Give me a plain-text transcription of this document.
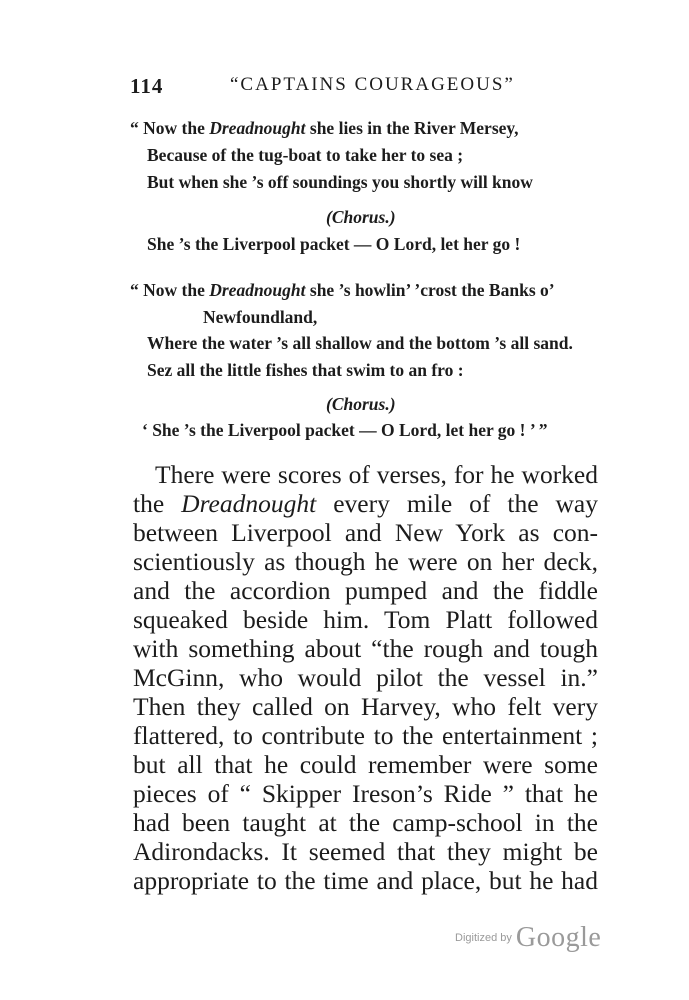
114	“CAPTAINS COURAGEOUS”
“ Now the Dreadnought she lies in the River Mersey,
Because of the tug-boat to take her to sea ;
But when she ’s off soundings you shortly will know
(Chorus.)
She ’s the Liverpool packet — O Lord, let her go !
“ Now the Dreadnought she ’s howlin’ ’crost the Banks o’
Newfoundland,
Where the water ’s all shallow and the bottom ’s all sand.
Sez all the little fishes that swim to an fro :
(Chorus.)
‘ She ’s the Liverpool packet — O Lord, let her go ! ’ ”
There were scores of verses, for he worked
the Dreadnought every mile of the way
between Liverpool and New York as con-
scientiously as though he were on her deck,
and the accordion pumped and the fiddle
squeaked beside him. Tom Platt followed
with something about “the rough and tough
McGinn, who would pilot the vessel in.”
Then they called on Harvey, who felt very
flattered, to contribute to the entertainment ;
but all that he could remember were some
pieces of “ Skipper Ireson’s Ride ” that he
had been taught at the camp-school in the
Adirondacks. It seemed that they might be
appropriate to the time and place, but he had
Digitized by Google
